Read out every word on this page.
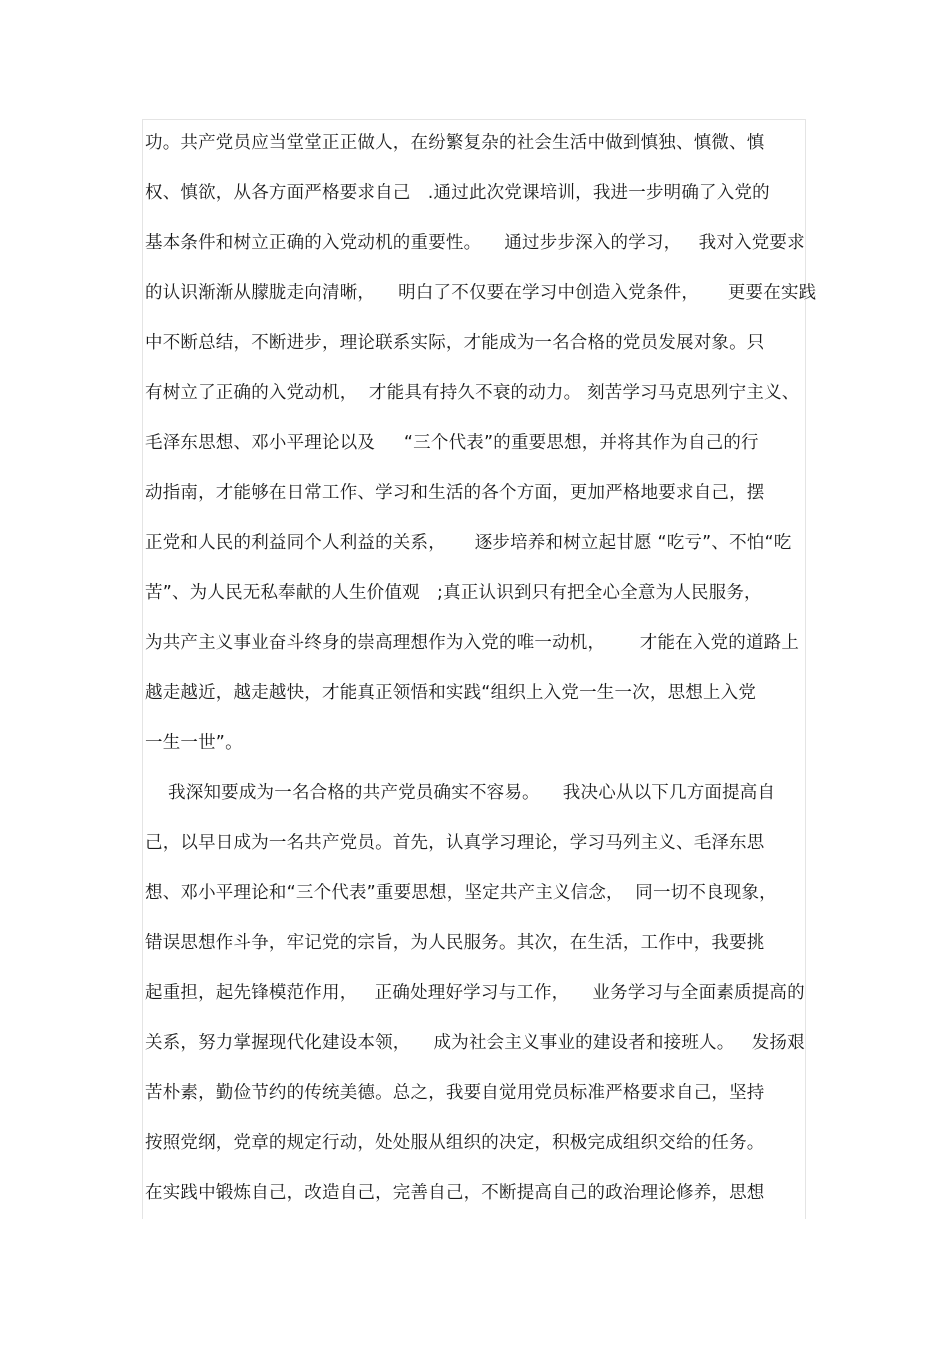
功。共产党员应当堂堂正正做人，在纷繁复杂的社会生活中做到慎独、慎微、慎
权、慎欲，从各方面严格要求自己   .通过此次党课培训，我进一步明确了入党的
基本条件和树立正确的入党动机的重要性。    通过步步深入的学习，   我对入党要求
的认识渐渐从朦胧走向清晰，    明白了不仅要在学习中创造入党条件，     更要在实践
中不断总结，不断进步，理论联系实际，才能成为一名合格的党员发展对象。只
有树立了正确的入党动机，  才能具有持久不衰的动力。 刻苦学习马克思列宁主义、
毛泽东思想、邓小平理论以及     “三个代表”的重要思想，并将其作为自己的行
动指南，才能够在日常工作、学习和生活的各个方面，更加严格地要求自己，摆
正党和人民的利益同个人利益的关系，     逐步培养和树立起甘愿 “吃亏”、不怕“吃
苦”、为人民无私奉献的人生价值观   ;真正认识到只有把全心全意为人民服务，
为共产主义事业奋斗终身的崇高理想作为入党的唯一动机，      才能在入党的道路上
越走越近，越走越快，才能真正领悟和实践“组织上入党一生一次，思想上入党
一生一世”。
我深知要成为一名合格的共产党员确实不容易。    我决心从以下几方面提高自
己，以早日成为一名共产党员。首先，认真学习理论，学习马列主义、毛泽东思
想、邓小平理论和“三个代表”重要思想，坚定共产主义信念，  同一切不良现象，
错误思想作斗争，牢记党的宗旨，为人民服务。其次，在生活，工作中，我要挑
起重担，起先锋模范作用，   正确处理好学习与工作，    业务学习与全面素质提高的
关系，努力掌握现代化建设本领，    成为社会主义事业的建设者和接班人。   发扬艰
苦朴素，勤俭节约的传统美德。总之，我要自觉用党员标准严格要求自己，坚持
按照党纲，党章的规定行动，处处服从组织的决定，积极完成组织交给的任务。
在实践中锻炼自己，改造自己，完善自己，不断提高自己的政治理论修养，思想
